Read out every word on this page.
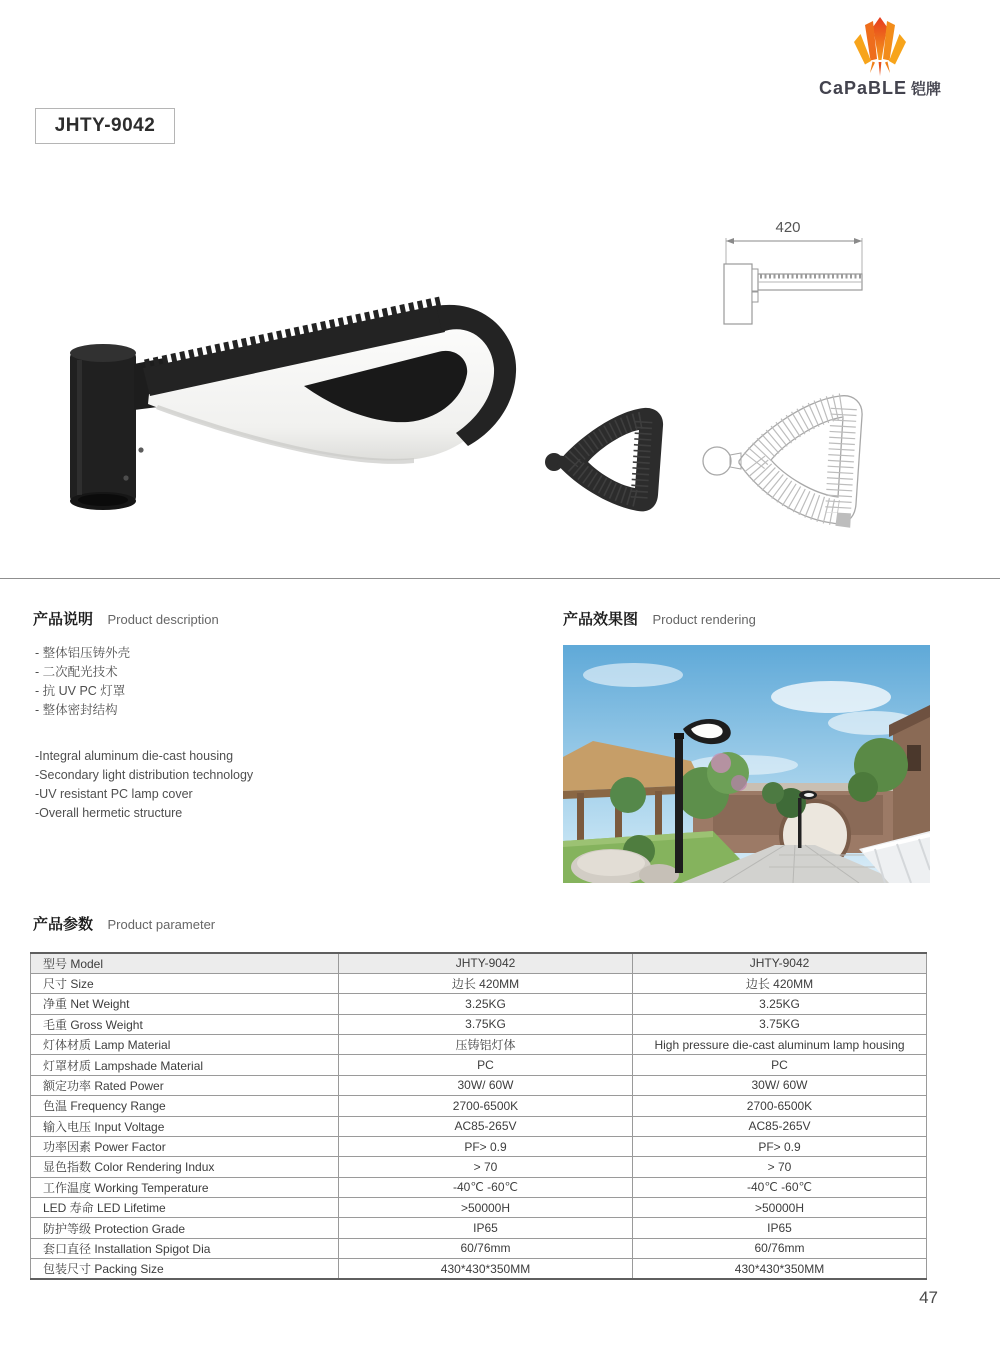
CaPaBLE 铠牌
JHTY-9042
420
产品说明 Product description
- 整体铝压铸外壳
- 二次配光技术
- 抗 UV PC 灯罩
- 整体密封结构
-Integral aluminum die-cast housing
-Secondary light distribution technology
-UV resistant PC lamp cover
-Overall hermetic structure
产品效果图 Product rendering
产品参数 Product parameter
型号 Model	JHTY-9042	JHTY-9042
尺寸 Size	边长 420MM	边长 420MM
净重 Net Weight	3.25KG	3.25KG
毛重 Gross Weight	3.75KG	3.75KG
灯体材质 Lamp Material	压铸铝灯体	High pressure die-cast aluminum lamp housing
灯罩材质 Lampshade Material	PC	PC
额定功率 Rated Power	30W/ 60W	30W/ 60W
色温 Frequency Range	2700-6500K	2700-6500K
输入电压 Input Voltage	AC85-265V	AC85-265V
功率因素 Power Factor	PF> 0.9	PF> 0.9
显色指数 Color Rendering Indux	> 70	> 70
工作温度 Working Temperature	-40℃ -60℃	-40℃ -60℃
LED 寿命 LED Lifetime	>50000H	>50000H
防护等级 Protection Grade	IP65	IP65
套口直径 Installation Spigot Dia	60/76mm	60/76mm
包装尺寸 Packing Size	430*430*350MM	430*430*350MM
47
